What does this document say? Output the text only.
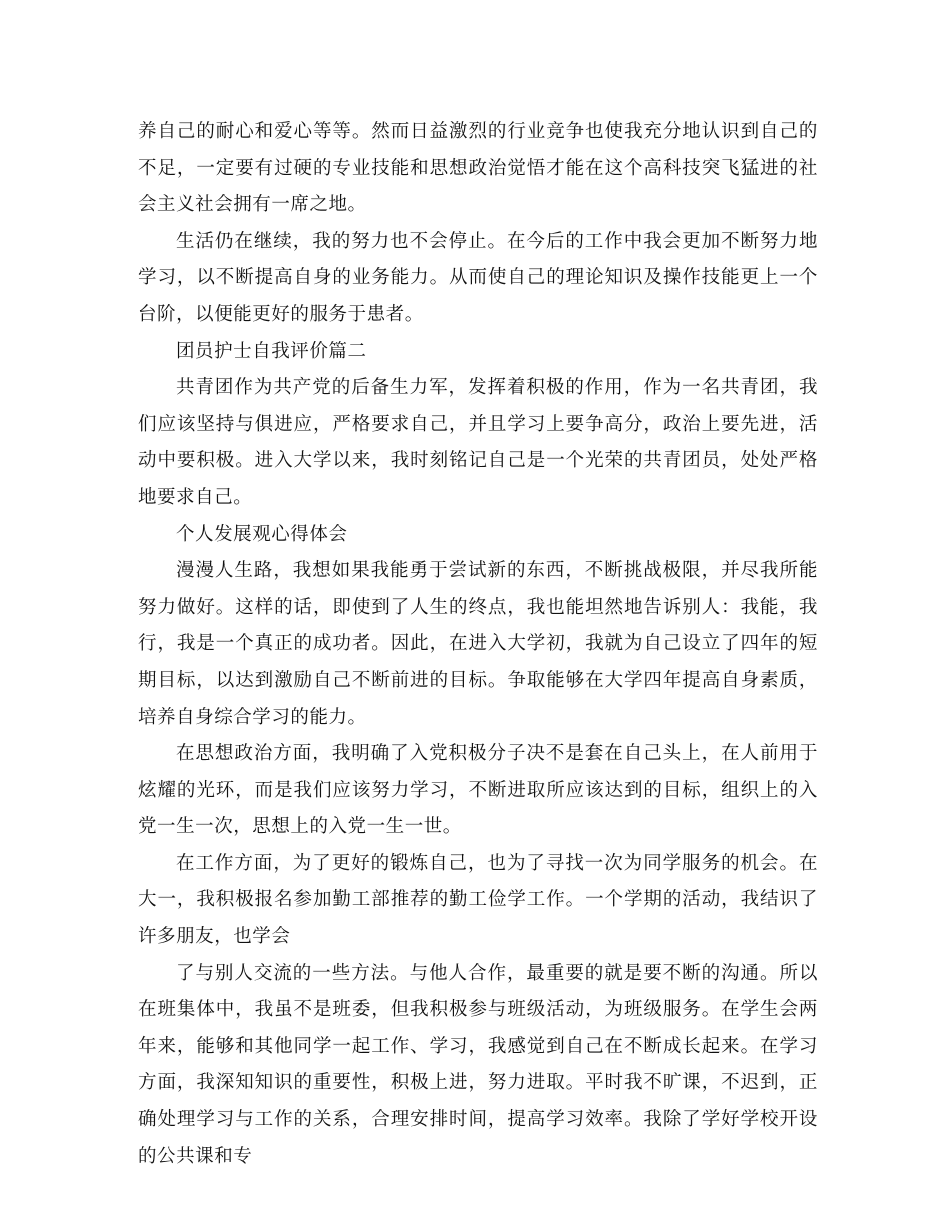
养自己的耐心和爱心等等。然而日益激烈的行业竞争也使我充分地认识到自己的不足，一定要有过硬的专业技能和思想政治觉悟才能在这个高科技突飞猛进的社会主义社会拥有一席之地。

生活仍在继续，我的努力也不会停止。在今后的工作中我会更加不断努力地学习，以不断提高自身的业务能力。从而使自己的理论知识及操作技能更上一个台阶，以便能更好的服务于患者。

团员护士自我评价篇二

共青团作为共产党的后备生力军，发挥着积极的作用，作为一名共青团，我们应该坚持与俱进应，严格要求自己，并且学习上要争高分，政治上要先进，活动中要积极。进入大学以来，我时刻铭记自己是一个光荣的共青团员，处处严格地要求自己。

个人发展观心得体会

漫漫人生路，我想如果我能勇于尝试新的东西，不断挑战极限，并尽我所能努力做好。这样的话，即使到了人生的终点，我也能坦然地告诉别人：我能，我行，我是一个真正的成功者。因此，在进入大学初，我就为自己设立了四年的短期目标，以达到激励自己不断前进的目标。争取能够在大学四年提高自身素质，培养自身综合学习的能力。

在思想政治方面，我明确了入党积极分子决不是套在自己头上，在人前用于炫耀的光环，而是我们应该努力学习，不断进取所应该达到的目标，组织上的入党一生一次，思想上的入党一生一世。

在工作方面，为了更好的锻炼自己，也为了寻找一次为同学服务的机会。在大一，我积极报名参加勤工部推荐的勤工俭学工作。一个学期的活动，我结识了许多朋友，也学会

了与别人交流的一些方法。与他人合作，最重要的就是要不断的沟通。所以在班集体中，我虽不是班委，但我积极参与班级活动，为班级服务。在学生会两年来，能够和其他同学一起工作、学习，我感觉到自己在不断成长起来。在学习方面，我深知知识的重要性，积极上进，努力进取。平时我不旷课，不迟到，正确处理学习与工作的关系，合理安排时间，提高学习效率。我除了学好学校开设的公共课和专
